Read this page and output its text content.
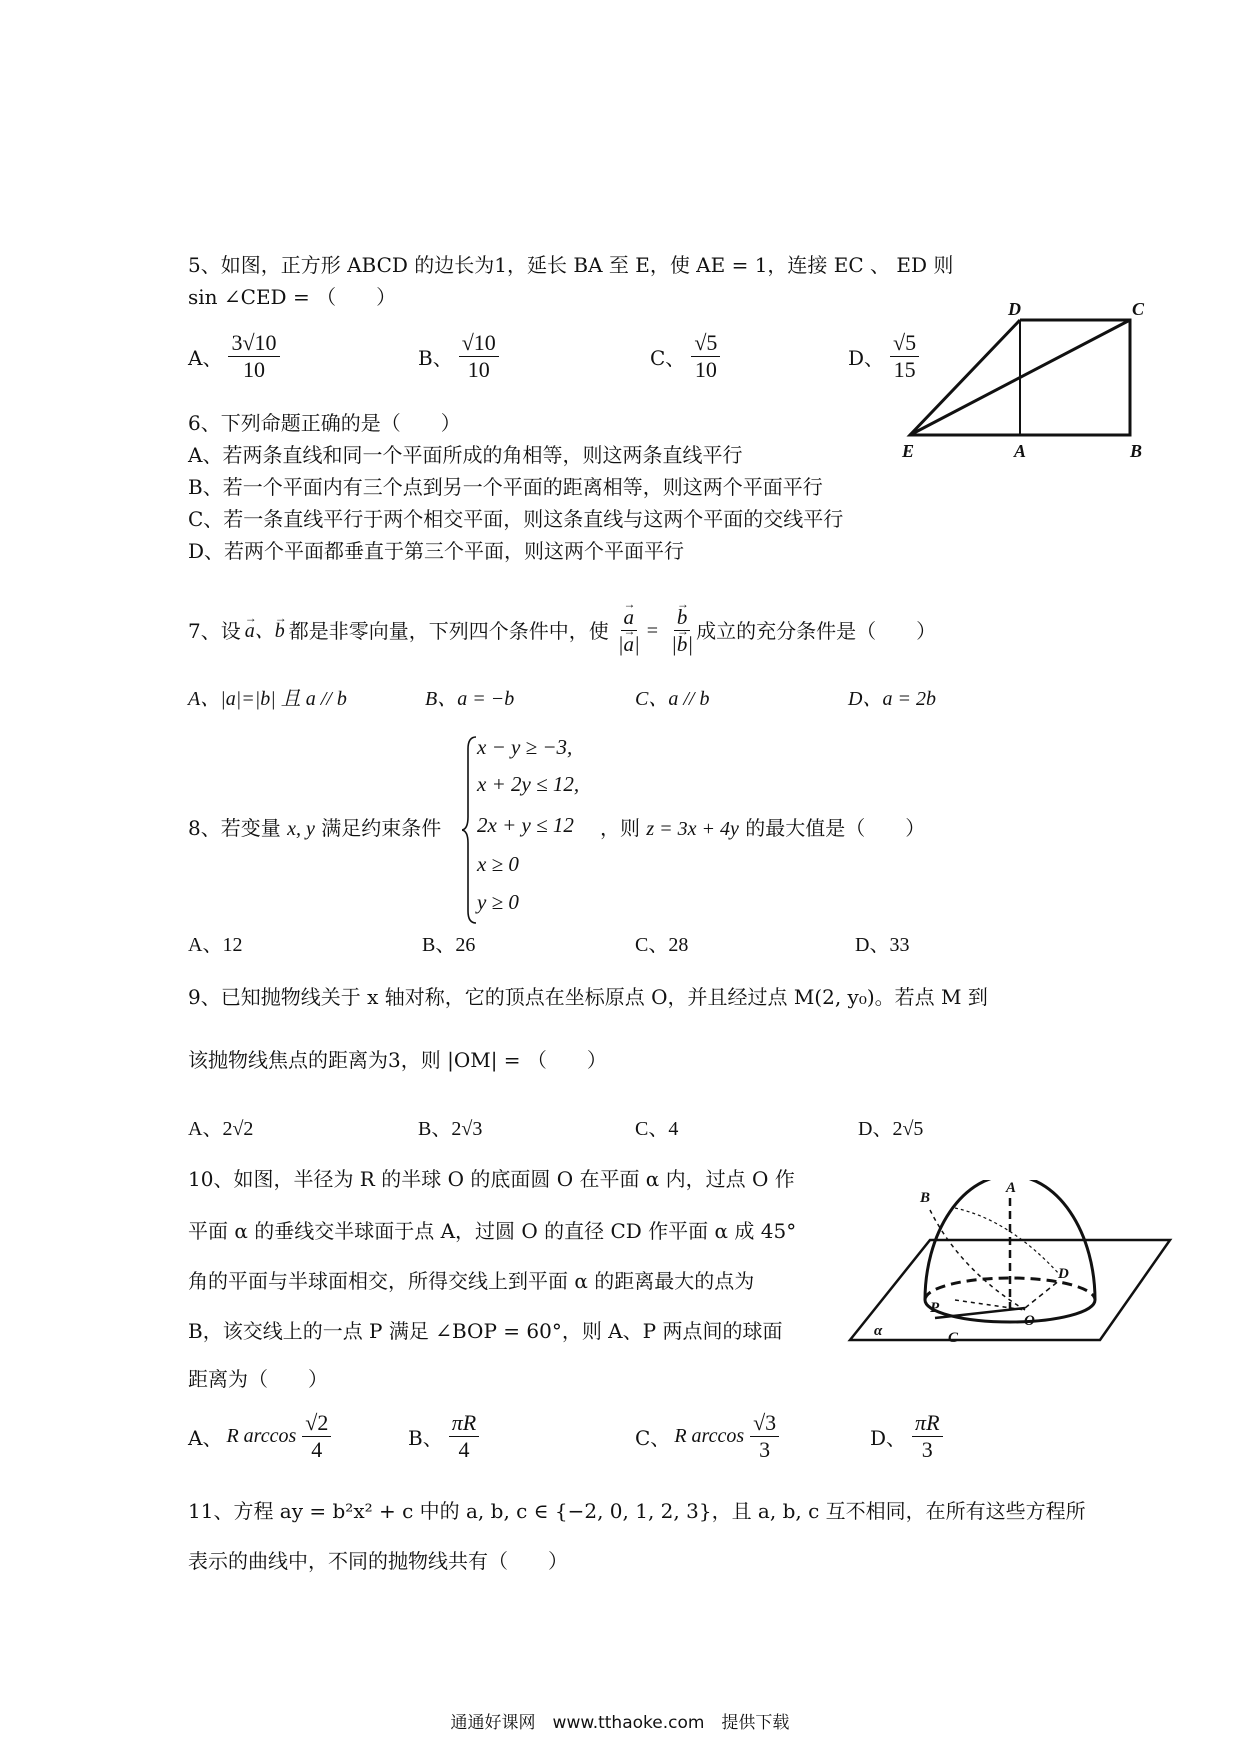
5、如图，正方形 ABCD 的边长为1，延长 BA 至 E，使 AE = 1，连接 EC 、 ED 则
sin ∠CED = （　　）
A、 $\frac{3√10}{10}$	B、 $\frac{√10}{10}$	C、 $\frac{√5}{10}$	D、 $\frac{√5}{15}$
D	C
E	A	B
6、下列命题正确的是（　　）
A、若两条直线和同一个平面所成的角相等，则这两条直线平行
B、若一个平面内有三个点到另一个平面的距离相等，则这两个平面平行
C、若一条直线平行于两个相交平面，则这条直线与这两个平面的交线平行
D、若两个平面都垂直于第三个平面，则这两个平面平行
7、设 → a、→ b 都是非零向量，下列四个条件中，使 → $\frac{a}{|\to a|}$ = → $\frac{b}{|\to b|}$ 成立的充分条件是（　　）
A、|a|=|b| 且 a // b	B、a = −b	C、a // b	D、a = 2b
8、若变量 x, y 满足约束条件
x − y ≥ −3,
x + 2y ≤ 12,
2x + y ≤ 12
x ≥ 0
y ≥ 0
，则 z = 3x + 4y 的最大值是（　　）
A、12	B、26	C、28	D、33
9、已知抛物线关于 x 轴对称，它的顶点在坐标原点 O，并且经过点 M(2, y₀)。若点 M 到
该抛物线焦点的距离为3，则 |OM| = （　　）
A、2√2	B、2√3	C、4	D、2√5
10、如图，半径为 R 的半球 O 的底面圆 O 在平面 α 内，过点 O 作
平面 α 的垂线交半球面于点 A，过圆 O 的直径 CD 作平面 α 成 45°
角的平面与半球面相交，所得交线上到平面 α 的距离最大的点为
B，该交线上的一点 P 满足 ∠BOP = 60°，则 A、P 两点间的球面
距离为（　　）
A
B
D
P
O
C
α
A、 R $\arccos \frac{√2}{4}$	B、 $\frac{\pi R}{4}$	C、 R $\arccos \frac{√3}{3}$	D、 $\frac{\pi R}{3}$
11、方程 ay = b²x² + c 中的 a, b, c ∈ {−2, 0, 1, 2, 3}，且 a, b, c 互不相同，在所有这些方程所
表示的曲线中，不同的抛物线共有（　　）
通通好课网　www.tthaoke.com　提供下载
